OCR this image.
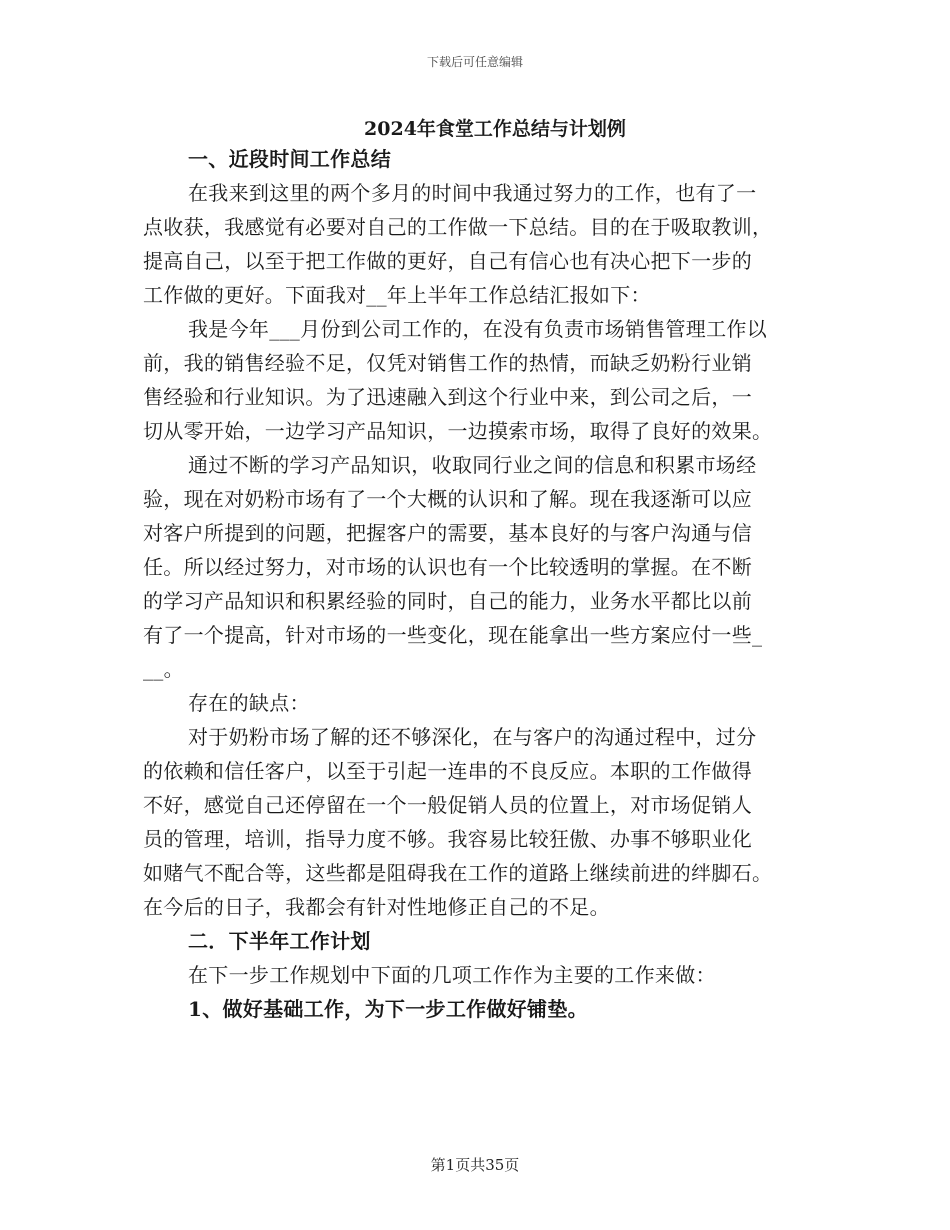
下载后可任意编辑
2024年食堂工作总结与计划例
一、近段时间工作总结
在我来到这里的两个多月的时间中我通过努力的工作，也有了一
点收获，我感觉有必要对自己的工作做一下总结。目的在于吸取教训，
提高自己，以至于把工作做的更好，自己有信心也有决心把下一步的
工作做的更好。下面我对__年上半年工作总结汇报如下：
我是今年___月份到公司工作的，在没有负责市场销售管理工作以
前，我的销售经验不足，仅凭对销售工作的热情，而缺乏奶粉行业销
售经验和行业知识。为了迅速融入到这个行业中来，到公司之后，一
切从零开始，一边学习产品知识，一边摸索市场，取得了良好的效果。
通过不断的学习产品知识，收取同行业之间的信息和积累市场经
验，现在对奶粉市场有了一个大概的认识和了解。现在我逐渐可以应
对客户所提到的问题，把握客户的需要，基本良好的与客户沟通与信
任。所以经过努力，对市场的认识也有一个比较透明的掌握。在不断
的学习产品知识和积累经验的同时，自己的能力，业务水平都比以前
有了一个提高，针对市场的一些变化，现在能拿出一些方案应付一些_
__。
存在的缺点：
对于奶粉市场了解的还不够深化，在与客户的沟通过程中，过分
的依赖和信任客户，以至于引起一连串的不良反应。本职的工作做得
不好，感觉自己还停留在一个一般促销人员的位置上，对市场促销人
员的管理，培训，指导力度不够。我容易比较狂傲、办事不够职业化
如赌气不配合等，这些都是阻碍我在工作的道路上继续前进的绊脚石。
在今后的日子，我都会有针对性地修正自己的不足。
二．下半年工作计划
在下一步工作规划中下面的几项工作作为主要的工作来做：
1、做好基础工作，为下一步工作做好铺垫。
第1页共35页
